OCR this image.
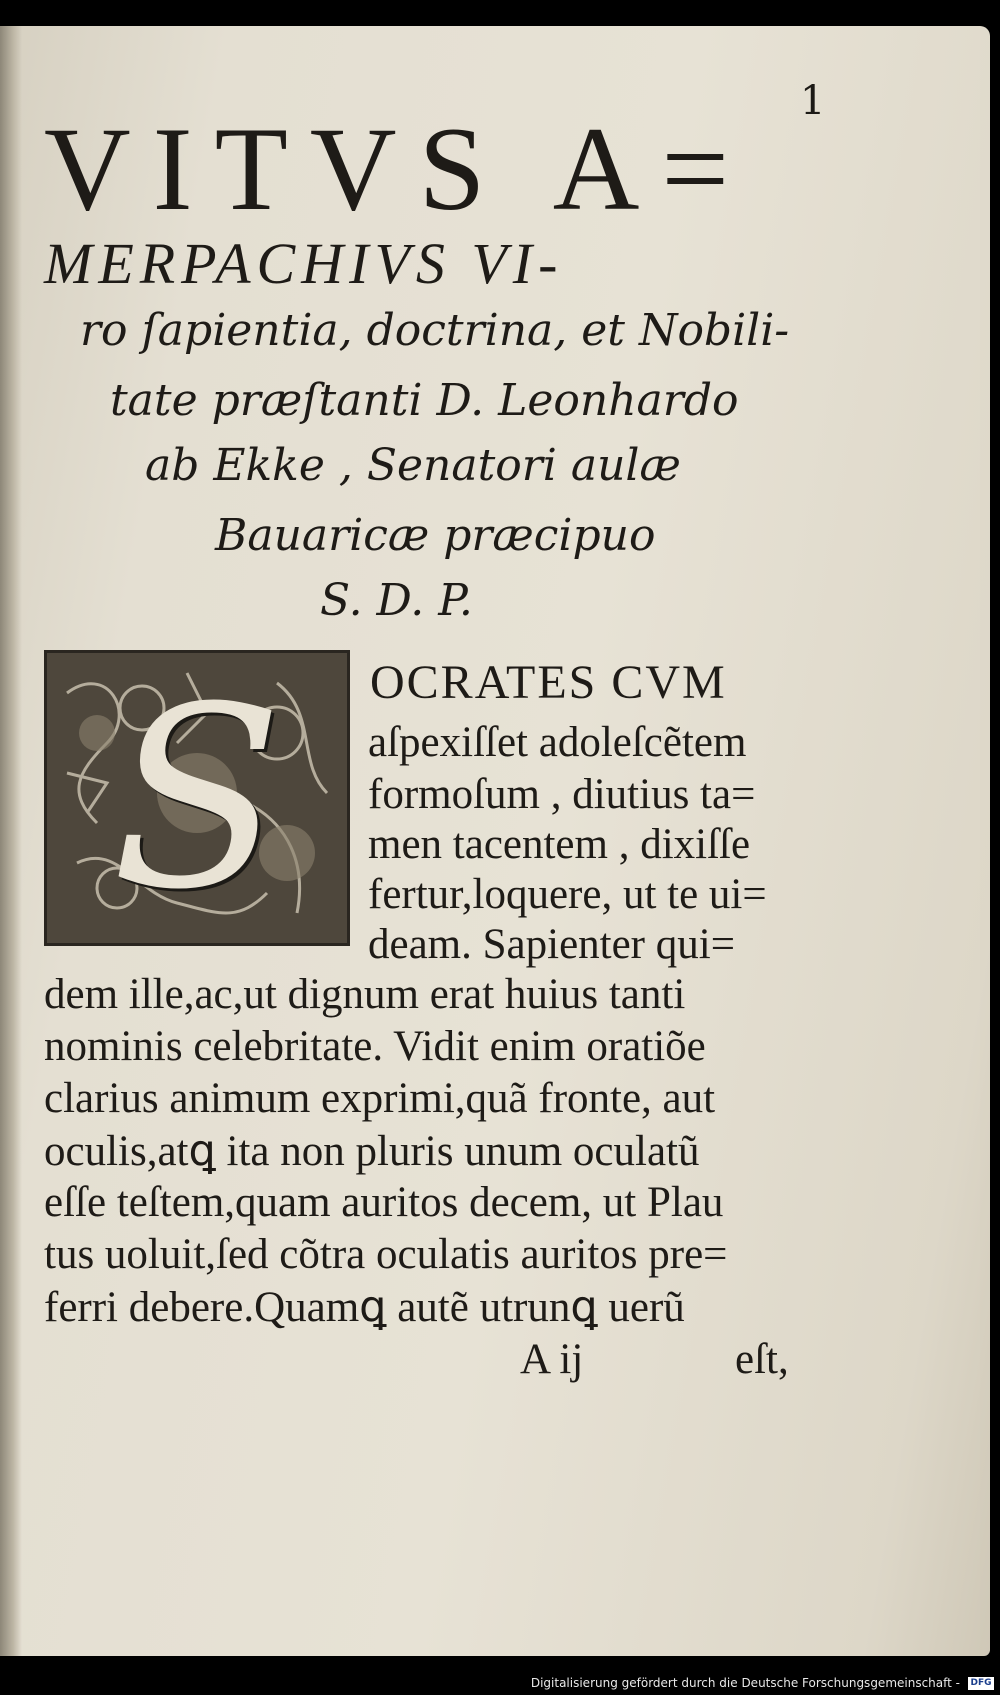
1
VITVS A=
MERPACHIVS VI-
ro ſapientia, doctrina, et Nobili-
tate præſtanti D. Leonhardo
ab Ekke , Senatori aulæ
Bauaricæ præcipuo
S. D. P.
S	OCRATES CVM
aſpexiſſet adoleſcẽtem
formoſum , diutius ta=
men tacentem , dixiſſe
fertur,loquere, ut te ui=
deam. Sapienter qui=
dem ille,ac,ut dignum erat huius tanti
nominis celebritate. Vidit enim oratiõe
clarius animum exprimi,quã fronte, aut
oculis,atꝗ ita non pluris unum oculatũ
eſſe teſtem,quam auritos decem, ut Plau
tus uoluit,ſed cõtra oculatis auritos pre=
ferri debere.Quamꝗ autẽ utrunꝗ uerũ
A ij	eſt,
Digitalisierung gefördert durch die Deutsche Forschungsgemeinschaft - DFG
